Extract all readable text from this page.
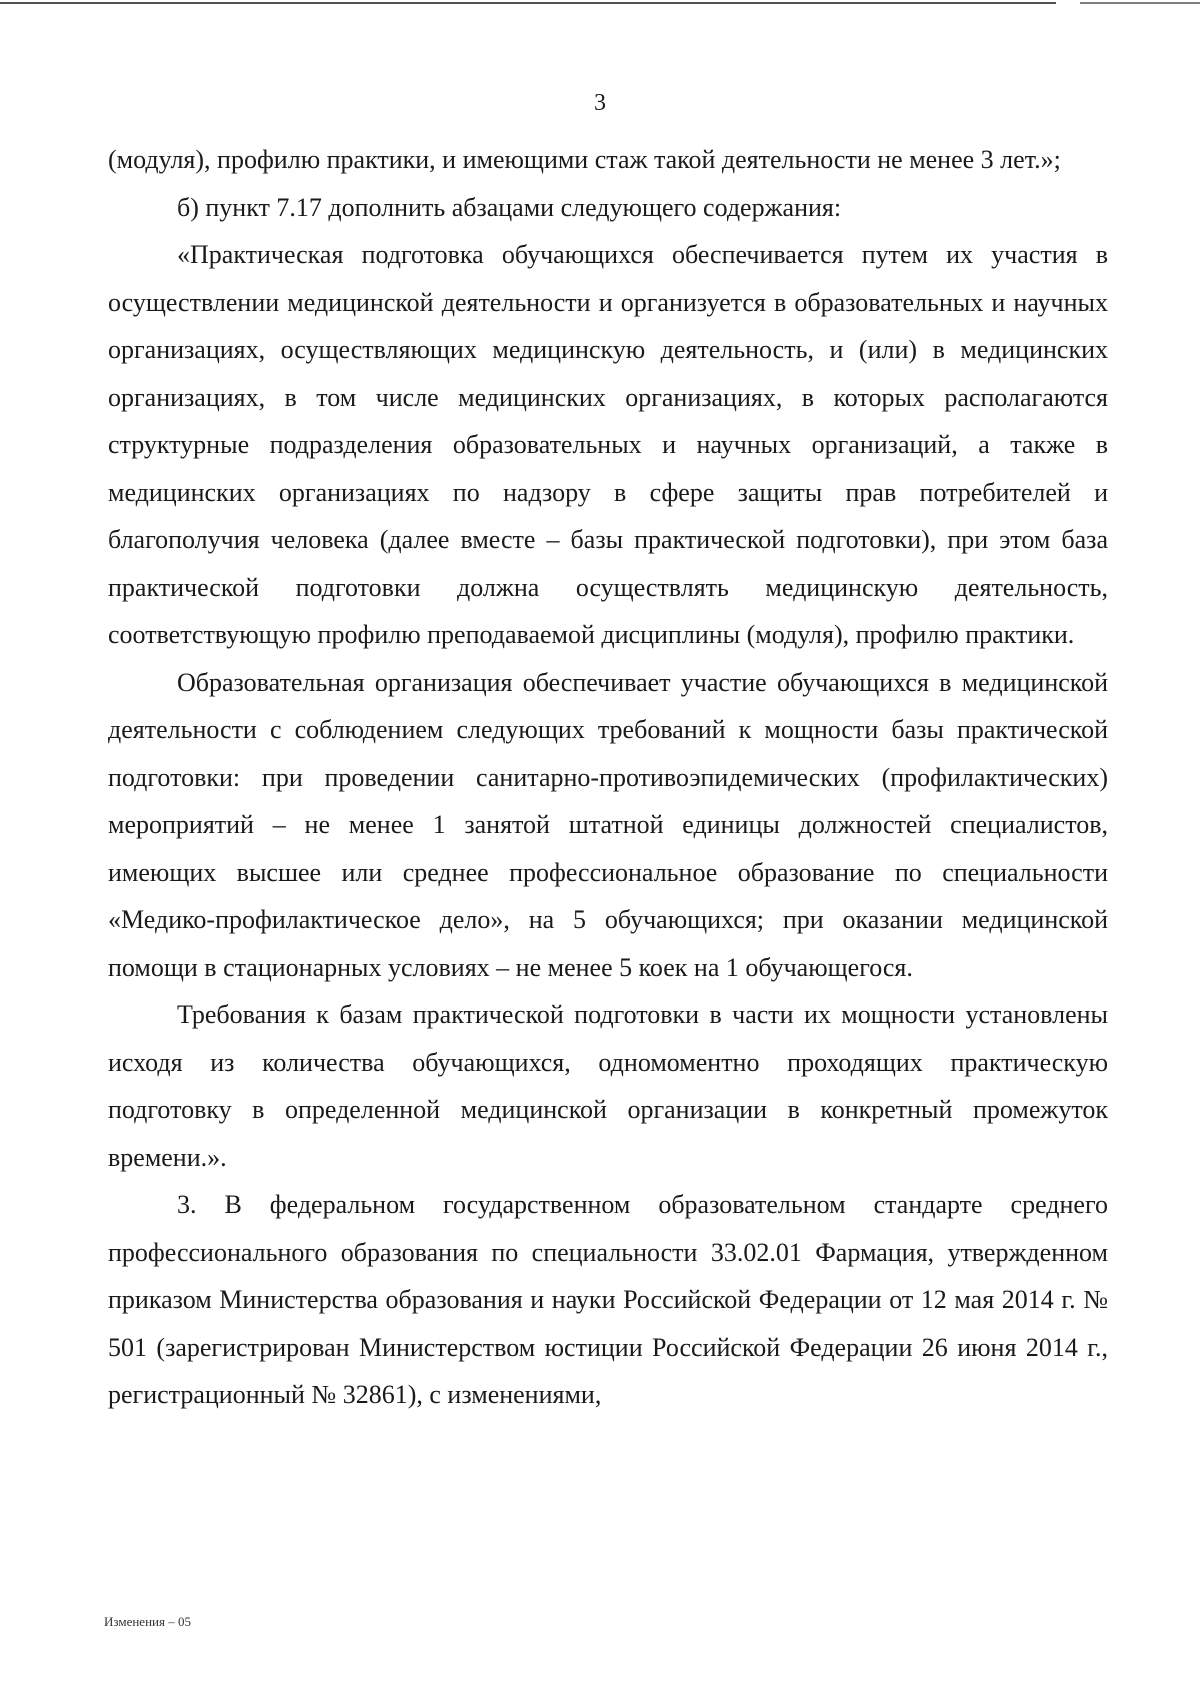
3

(модуля), профилю практики, и имеющими стаж такой деятельности не менее 3 лет.»;

б) пункт 7.17 дополнить абзацами следующего содержания:

«Практическая подготовка обучающихся обеспечивается путем их участия в осуществлении медицинской деятельности и организуется в образовательных и научных организациях, осуществляющих медицинскую деятельность, и (или) в медицинских организациях, в том числе медицинских организациях, в которых располагаются структурные подразделения образовательных и научных организаций, а также в медицинских организациях по надзору в сфере защиты прав потребителей и благополучия человека (далее вместе – базы практической подготовки), при этом база практической подготовки должна осуществлять медицинскую деятельность, соответствующую профилю преподаваемой дисциплины (модуля), профилю практики.

Образовательная организация обеспечивает участие обучающихся в медицинской деятельности с соблюдением следующих требований к мощности базы практической подготовки: при проведении санитарно-противоэпидемических (профилактических) мероприятий – не менее 1 занятой штатной единицы должностей специалистов, имеющих высшее или среднее профессиональное образование по специальности «Медико-профилактическое дело», на 5 обучающихся; при оказании медицинской помощи в стационарных условиях – не менее 5 коек на 1 обучающегося.

Требования к базам практической подготовки в части их мощности установлены исходя из количества обучающихся, одномоментно проходящих практическую подготовку в определенной медицинской организации в конкретный промежуток времени.».

3. В федеральном государственном образовательном стандарте среднего профессионального образования по специальности 33.02.01 Фармация, утвержденном приказом Министерства образования и науки Российской Федерации от 12 мая 2014 г. № 501 (зарегистрирован Министерством юстиции Российской Федерации 26 июня 2014 г., регистрационный № 32861), с изменениями,

Изменения – 05
